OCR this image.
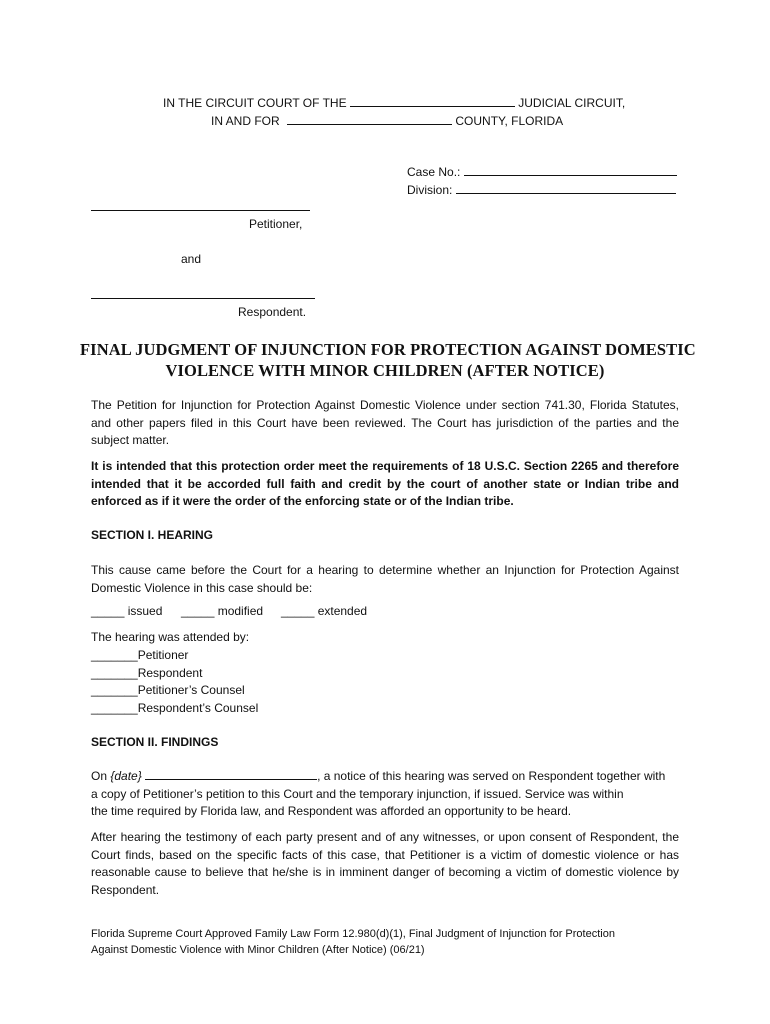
IN THE CIRCUIT COURT OF THE	JUDICIAL CIRCUIT,
IN AND FOR	COUNTY, FLORIDA
Case No.:
Division:
Petitioner,
and
Respondent.
FINAL JUDGMENT OF INJUNCTION FOR PROTECTION AGAINST DOMESTIC
VIOLENCE WITH MINOR CHILDREN (AFTER NOTICE)
The Petition for Injunction for Protection Against Domestic Violence under section 741.30, Florida Statutes, and other papers filed in this Court have been reviewed. The Court has jurisdiction of the parties and the subject matter.
It is intended that this protection order meet the requirements of 18 U.S.C. Section 2265 and therefore intended that it be accorded full faith and credit by the court of another state or Indian tribe and enforced as if it were the order of the enforcing state or of the Indian tribe.
SECTION I. HEARING
This cause came before the Court for a hearing to determine whether an Injunction for Protection Against Domestic Violence in this case should be:
_____ issued _____ modified _____ extended
The hearing was attended by:
_______Petitioner
_______Respondent
_______Petitioner’s Counsel
_______Respondent’s Counsel
SECTION II. FINDINGS
On {date}	, a notice of this hearing was served on Respondent together with
a copy of Petitioner’s petition to this Court and the temporary injunction, if issued. Service was within
the time required by Florida law, and Respondent was afforded an opportunity to be heard.
After hearing the testimony of each party present and of any witnesses, or upon consent of Respondent, the Court finds, based on the specific facts of this case, that Petitioner is a victim of domestic violence or has reasonable cause to believe that he/she is in imminent danger of becoming a victim of domestic violence by Respondent.
Florida Supreme Court Approved Family Law Form 12.980(d)(1), Final Judgment of Injunction for Protection
Against Domestic Violence with Minor Children (After Notice) (06/21)
